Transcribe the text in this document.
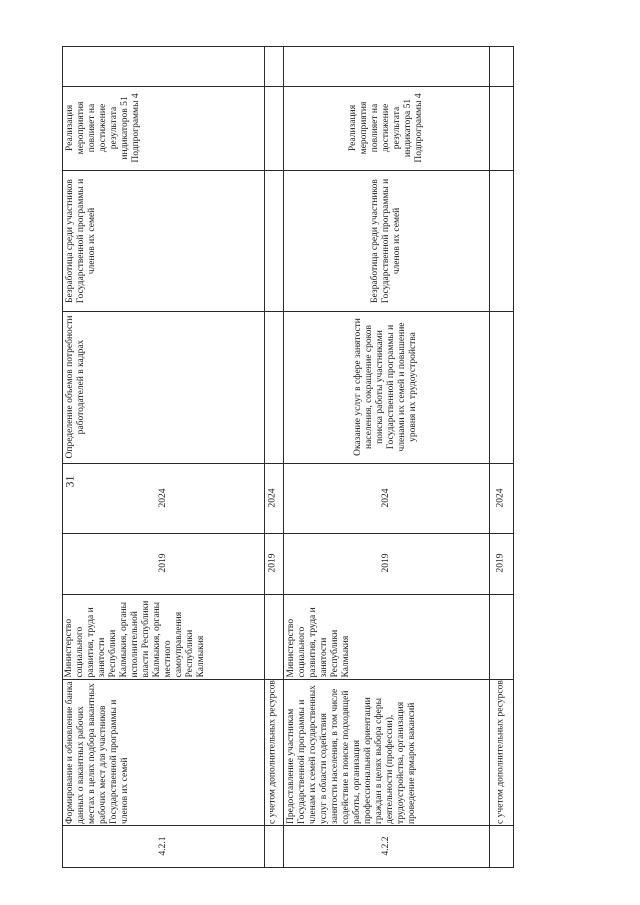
31
4.2.1
Формирование и обновление банка данных о вакантных рабочих местах в целях подбора вакантных рабочих мест для участников Государственной программы и членов их семей
Министерство социального развития, труда и занятости Республики Калмыкия, органы исполнительной власти Республики Калмыкия, органы местного самоуправления Республики Калмыкия
2019
2024
Определение объемов потребности работодателей в кадрах
Безработица среди участников Государственной программы и членов их семей
Реализация мероприятия повлияет на достижение результата индикаторов 51 Подпрограммы 4
с учетом дополнительных ресурсов
2019
2024
4.2.2
Предоставление участникам Государственной программы и членам их семей государственных услуг в области содействия занятости населения, в том числе содействие в поиске подходящей работы, организация профессиональной ориентации граждан в целях выбора сферы деятельности (профессии), трудоустройства, организация проведение ярмарок вакансий
Министерство социального развития, труда и занятости Республики Калмыкия
2019
2024
Оказание услуг в сфере занятости населения, сокращение сроков поиска работы участниками Государственной программы и членами их семей и повышение уровня их трудоустройства
Безработица среди участников Государственной программы и членов их семей
Реализация мероприятия повлияет на достижение результата индикатора 51 Подпрограммы 4
с учетом дополнительных ресурсов
2019
2024
